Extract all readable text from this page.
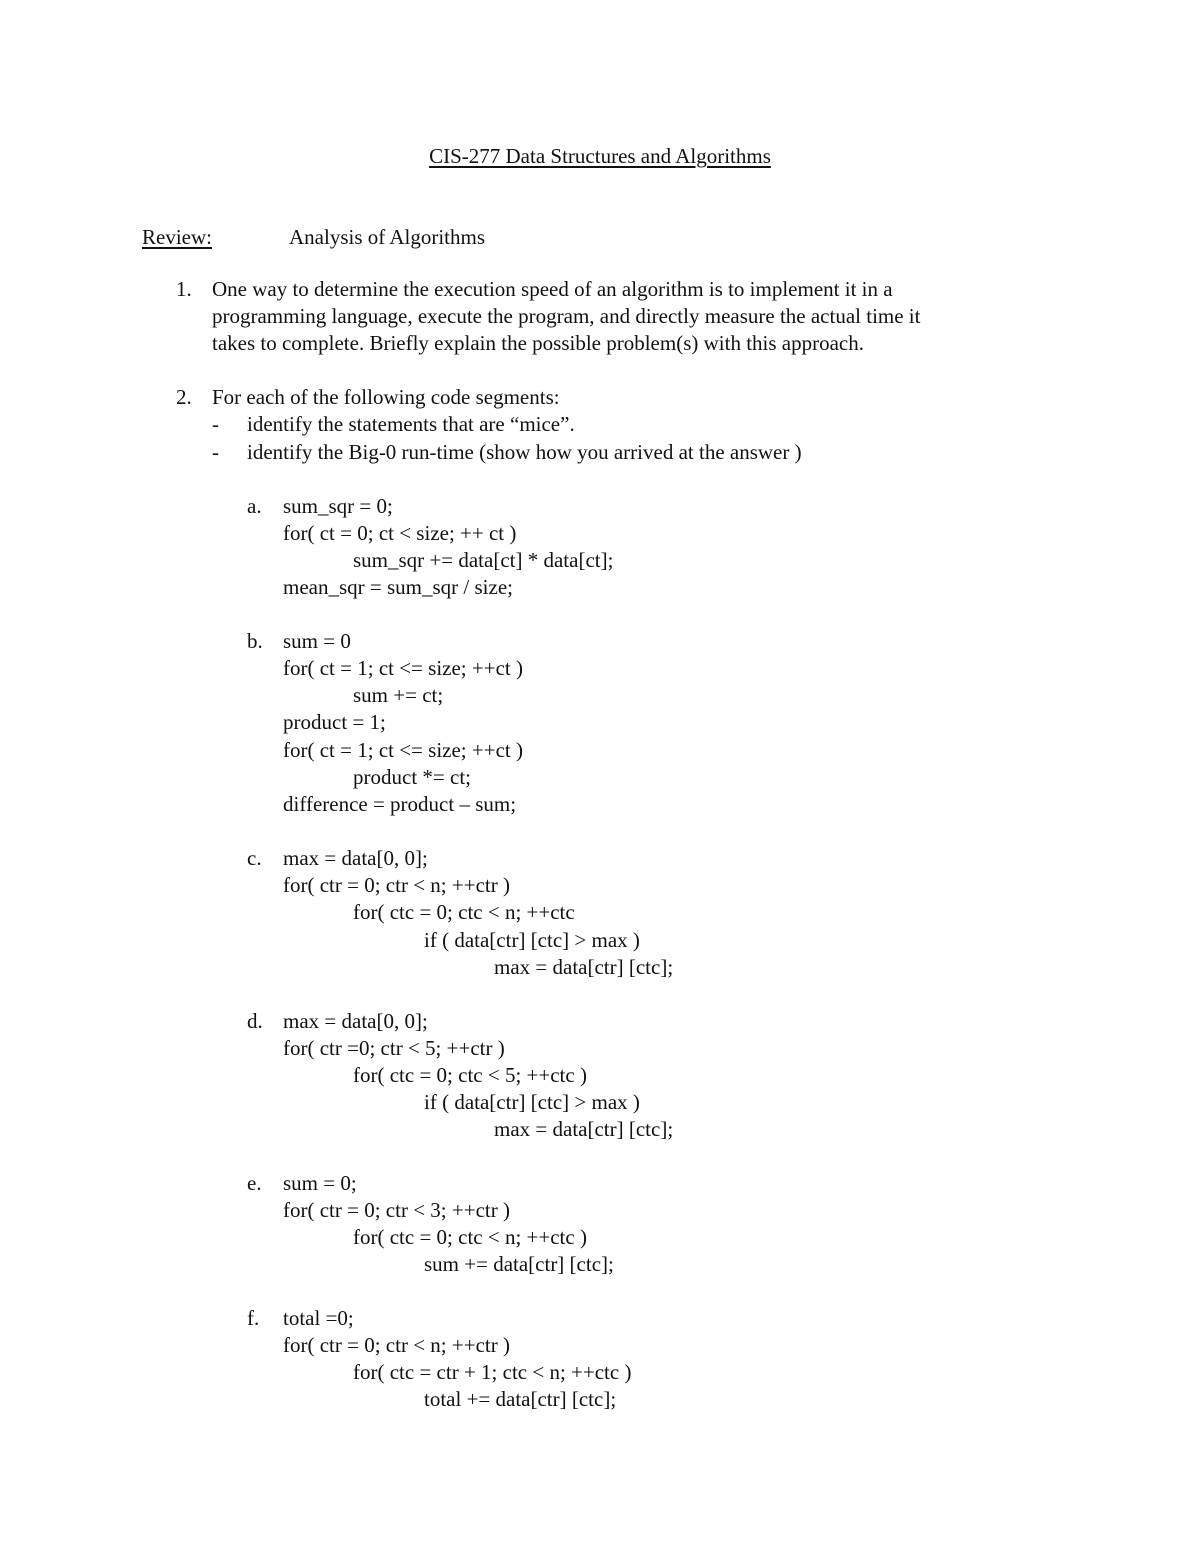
CIS-277 Data Structures and Algorithms
Review:	Analysis of Algorithms
1. One way to determine the execution speed of an algorithm is to implement it in a
programming language, execute the program, and directly measure the actual time it
takes to complete. Briefly explain the possible problem(s) with this approach.
2. For each of the following code segments:
- identify the statements that are “mice”.
- identify the Big-0 run-time (show how you arrived at the answer )
a. sum_sqr = 0;
for( ct = 0; ct < size; ++ ct )
sum_sqr += data[ct] * data[ct];
mean_sqr = sum_sqr / size;
b. sum = 0
for( ct = 1; ct <= size; ++ct )
sum += ct;
product = 1;
for( ct = 1; ct <= size; ++ct )
product *= ct;
difference = product – sum;
c. max = data[0, 0];
for( ctr = 0; ctr < n; ++ctr )
for( ctc = 0; ctc < n; ++ctc
if ( data[ctr] [ctc] > max )
max = data[ctr] [ctc];
d. max = data[0, 0];
for( ctr =0; ctr < 5; ++ctr )
for( ctc = 0; ctc < 5; ++ctc )
if ( data[ctr] [ctc] > max )
max = data[ctr] [ctc];
e. sum = 0;
for( ctr = 0; ctr < 3; ++ctr )
for( ctc = 0; ctc < n; ++ctc )
sum += data[ctr] [ctc];
f. total =0;
for( ctr = 0; ctr < n; ++ctr )
for( ctc = ctr + 1; ctc < n; ++ctc )
total += data[ctr] [ctc];
